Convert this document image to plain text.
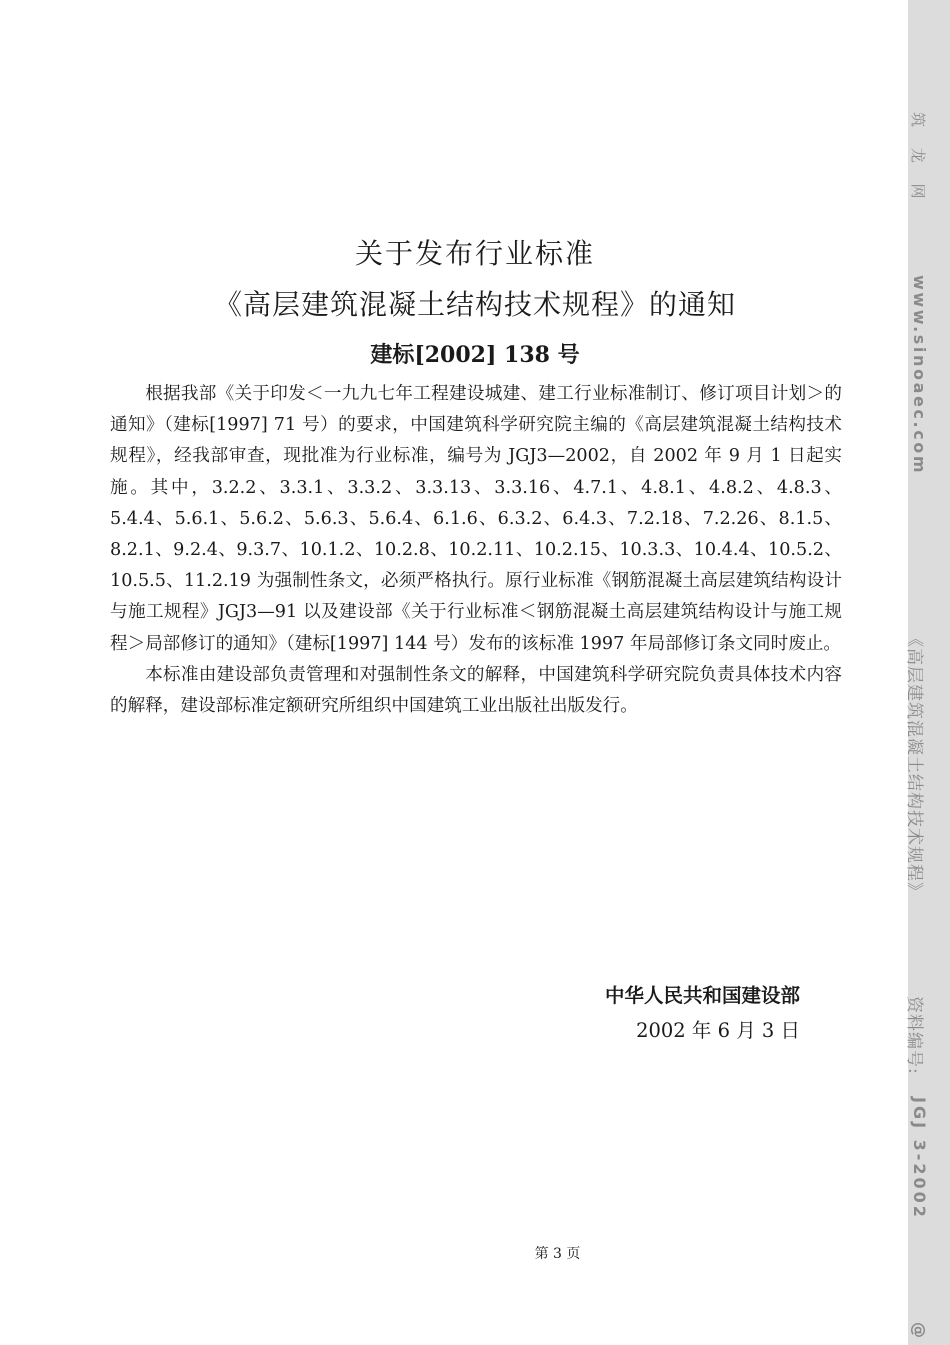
关于发布行业标准
《高层建筑混凝土结构技术规程》的通知
建标[2002] 138 号

根据我部《关于印发＜一九九七年工程建设城建、建工行业标准制订、修订项目计划＞的通知》（建标[1997] 71 号）的要求，中国建筑科学研究院主编的《高层建筑混凝土结构技术规程》，经我部审查，现批准为行业标准，编号为 JGJ3—2002，自 2002 年 9 月 1 日起实施。其中，3.2.2、3.3.1、3.3.2、3.3.13、3.3.16、4.7.1、4.8.1、4.8.2、4.8.3、5.4.4、5.6.1、5.6.2、5.6.3、5.6.4、6.1.6、6.3.2、6.4.3、7.2.18、7.2.26、8.1.5、8.2.1、9.2.4、9.3.7、10.1.2、10.2.8、10.2.11、10.2.15、10.3.3、10.4.4、10.5.2、10.5.5、11.2.19 为强制性条文，必须严格执行。原行业标准《钢筋混凝土高层建筑结构设计与施工规程》JGJ3—91 以及建设部《关于行业标准＜钢筋混凝土高层建筑结构设计与施工规程＞局部修订的通知》（建标[1997] 144 号）发布的该标准 1997 年局部修订条文同时废止。

本标准由建设部负责管理和对强制性条文的解释，中国建筑科学研究院负责具体技术内容的解释，建设部标准定额研究所组织中国建筑工业出版社出版发行。

中华人民共和国建设部
2002 年 6 月 3 日
第 3 页
筑 龙 网
www.sinoaec.com
《高层建筑混凝土结构技术规程》
资料编号:
JGJ 3-2002
@
